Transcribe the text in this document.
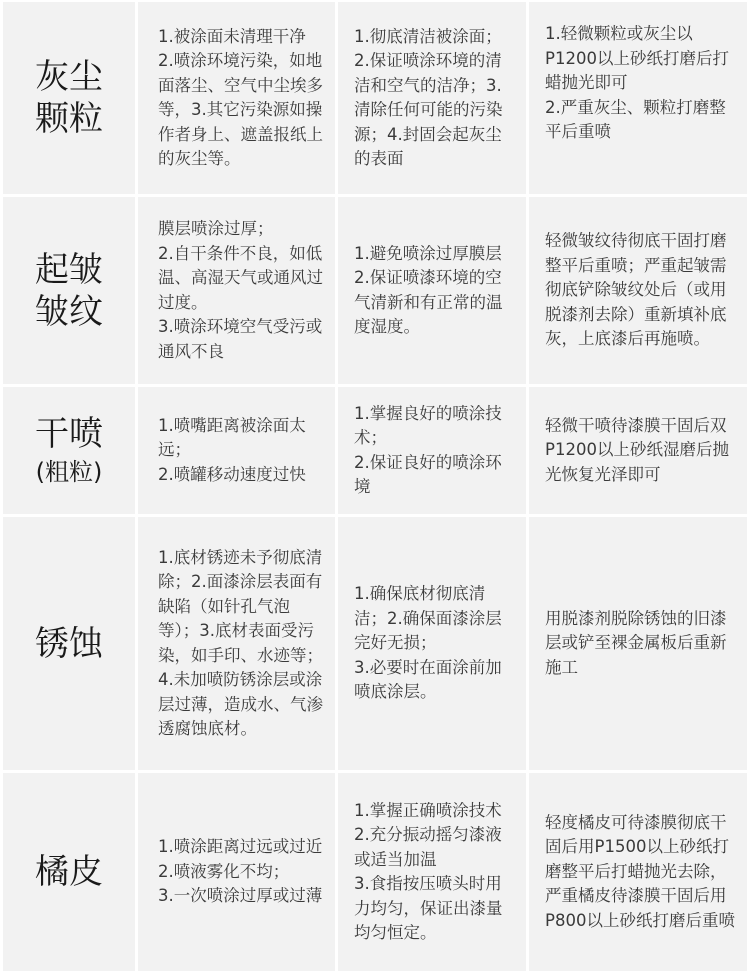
灰尘
颗粒
1.被涂面未清理干净
2.喷涂环境污染，如地面落尘、空气中尘埃多等，3.其它污染源如操作者身上、遮盖报纸上的灰尘等。
1.彻底清洁被涂面；
2.保证喷涂环境的清洁和空气的洁净；3.清除任何可能的污染源；4.封固会起灰尘的表面
1.轻微颗粒或灰尘以P1200以上砂纸打磨后打蜡抛光即可
2.严重灰尘、颗粒打磨整平后重喷
起皱
皱纹
膜层喷涂过厚；
2.自干条件不良，如低温、高湿天气或通风过过度。
3.喷涂环境空气受污或通风不良
1.避免喷涂过厚膜层
2.保证喷漆环境的空气清新和有正常的温度湿度。
轻微皱纹待彻底干固打磨整平后重喷；严重起皱需彻底铲除皱纹处后（或用脱漆剂去除）重新填补底灰，上底漆后再施喷。

干喷

(粗粒)

1.喷嘴距离被涂面太远；
2.喷罐移动速度过快
1.掌握良好的喷涂技术；
2.保证良好的喷涂环境
轻微干喷待漆膜干固后双P1200以上砂纸湿磨后抛光恢复光泽即可
锈蚀
1.底材锈迹未予彻底清除；2.面漆涂层表面有缺陷（如针孔气泡等）；3.底材表面受污染，如手印、水迹等；4.未加喷防锈涂层或涂层过薄，造成水、气渗透腐蚀底材。
1.确保底材彻底清洁；2.确保面漆涂层完好无损；
3.必要时在面涂前加喷底涂层。
用脱漆剂脱除锈蚀的旧漆层或铲至裸金属板后重新施工
橘皮
1.喷涂距离过远或过近
2.喷液雾化不均；
3.一次喷涂过厚或过薄
1.掌握正确喷涂技术
2.充分振动摇匀漆液或适当加温
3.食指按压喷头时用力均匀，保证出漆量均匀恒定。
轻度橘皮可待漆膜彻底干固后用P1500以上砂纸打磨整平后打蜡抛光去除，严重橘皮待漆膜干固后用P800以上砂纸打磨后重喷
